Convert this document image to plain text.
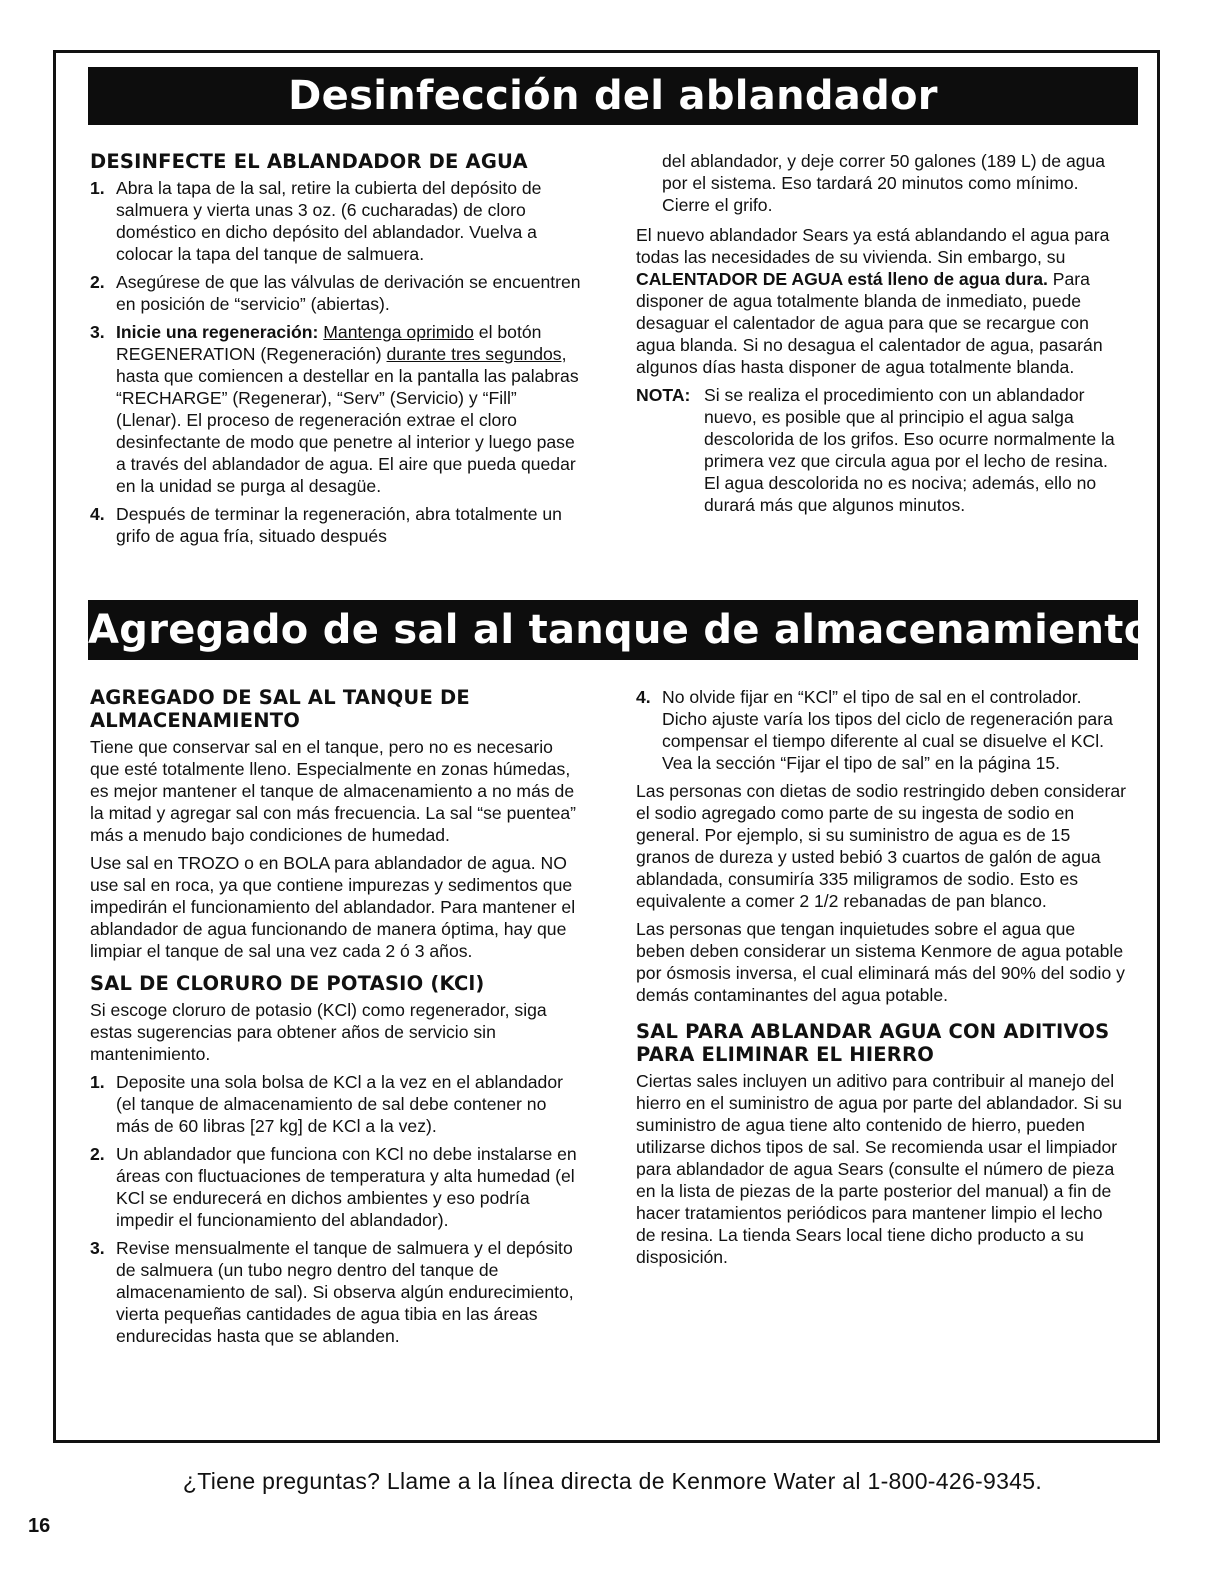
Desinfección del ablandador
DESINFECTE EL ABLANDADOR DE AGUA
1. Abra la tapa de la sal, retire la cubierta del depósito de salmuera y vierta unas 3 oz. (6 cucharadas) de cloro doméstico en dicho depósito del ablandador. Vuelva a colocar la tapa del tanque de salmuera.
2. Asegúrese de que las válvulas de derivación se encuentren en posición de “servicio” (abiertas).
3. Inicie una regeneración: Mantenga oprimido el botón REGENERATION (Regeneración) durante tres segundos, hasta que comiencen a destellar en la pantalla las palabras “RECHARGE” (Regenerar), “Serv” (Servicio) y “Fill” (Llenar). El proceso de regeneración extrae el cloro desinfectante de modo que penetre al interior y luego pase a través del ablandador de agua. El aire que pueda quedar en la unidad se purga al desagüe.
4. Después de terminar la regeneración, abra totalmente un grifo de agua fría, situado después
del ablandador, y deje correr 50 galones (189 L) de agua por el sistema. Eso tardará 20 minutos como mínimo. Cierre el grifo.

El nuevo ablandador Sears ya está ablandando el agua para todas las necesidades de su vivienda. Sin embargo, su CALENTADOR DE AGUA está lleno de agua dura. Para disponer de agua totalmente blanda de inmediato, puede desaguar el calentador de agua para que se recargue con agua blanda. Si no desagua el calentador de agua, pasarán algunos días hasta disponer de agua totalmente blanda.

NOTA: Si se realiza el procedimiento con un ablandador nuevo, es posible que al principio el agua salga descolorida de los grifos. Eso ocurre normalmente la primera vez que circula agua por el lecho de resina. El agua descolorida no es nociva; además, ello no durará más que algunos minutos.
Agregado de sal al tanque de almacenamiento
AGREGADO DE SAL AL TANQUE DE ALMACENAMIENTO

Tiene que conservar sal en el tanque, pero no es necesario que esté totalmente lleno. Especialmente en zonas húmedas, es mejor mantener el tanque de almacenamiento a no más de la mitad y agregar sal con más frecuencia. La sal “se puentea” más a menudo bajo condiciones de humedad.

Use sal en TROZO o en BOLA para ablandador de agua. NO use sal en roca, ya que contiene impurezas y sedimentos que impedirán el funcionamiento del ablandador. Para mantener el ablandador de agua funcionando de manera óptima, hay que limpiar el tanque de sal una vez cada 2 ó 3 años.

SAL DE CLORURO DE POTASIO (KCl)

Si escoge cloruro de potasio (KCl) como regenerador, siga estas sugerencias para obtener años de servicio sin mantenimiento.

1. Deposite una sola bolsa de KCl a la vez en el ablandador (el tanque de almacenamiento de sal debe contener no más de 60 libras [27 kg] de KCl a la vez).
2. Un ablandador que funciona con KCl no debe instalarse en áreas con fluctuaciones de temperatura y alta humedad (el KCl se endurecerá en dichos ambientes y eso podría impedir el funcionamiento del ablandador).
3. Revise mensualmente el tanque de salmuera y el depósito de salmuera (un tubo negro dentro del tanque de almacenamiento de sal). Si observa algún endurecimiento, vierta pequeñas cantidades de agua tibia en las áreas endurecidas hasta que se ablanden.
4. No olvide fijar en “KCl” el tipo de sal en el controlador. Dicho ajuste varía los tipos del ciclo de regeneración para compensar el tiempo diferente al cual se disuelve el KCl. Vea la sección “Fijar el tipo de sal” en la página 15.

Las personas con dietas de sodio restringido deben considerar el sodio agregado como parte de su ingesta de sodio en general. Por ejemplo, si su suministro de agua es de 15 granos de dureza y usted bebió 3 cuartos de galón de agua ablandada, consumiría 335 miligramos de sodio. Esto es equivalente a comer 2 1/2 rebanadas de pan blanco.

Las personas que tengan inquietudes sobre el agua que beben deben considerar un sistema Kenmore de agua potable por ósmosis inversa, el cual eliminará más del 90% del sodio y demás contaminantes del agua potable.

SAL PARA ABLANDAR AGUA CON ADITIVOS PARA ELIMINAR EL HIERRO

Ciertas sales incluyen un aditivo para contribuir al manejo del hierro en el suministro de agua por parte del ablandador. Si su suministro de agua tiene alto contenido de hierro, pueden utilizarse dichos tipos de sal. Se recomienda usar el limpiador para ablandador de agua Sears (consulte el número de pieza en la lista de piezas de la parte posterior del manual) a fin de hacer tratamientos periódicos para mantener limpio el lecho de resina. La tienda Sears local tiene dicho producto a su disposición.

¿Tiene preguntas? Llame a la línea directa de Kenmore Water al 1-800-426-9345.
16
